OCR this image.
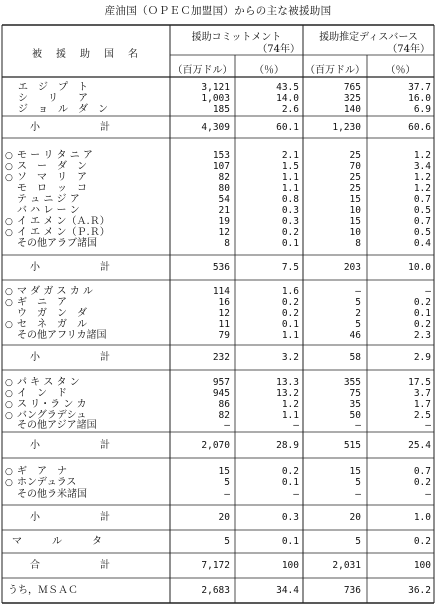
産油国（ＯＰＥＣ加盟国）からの主な被援助国
被　援　助　国　名
援助コミットメント
（74年）
援助推定ディスバース
（74年）
（百万ドル）	（％）	（百万ドル）	（％）
エ　ジ　プ　ト	3,121	43.5	765	37.7
シ　　リ　　ア	1,003	14.0	325	16.0
ジ　ョ　ル　ダ　ン	185	2.6	140	6.9
小　　　　　　計	4,309	60.1	1,230	60.6
○ モ ー リ タ ニ ア	153	2.1	25	1.2
○ ス　ー　ダ　ン	107	1.5	70	3.4
○ ソ　マ　リ　ア	82	1.1	25	1.2
モ　ロ　ッ　コ	80	1.1	25	1.2
テ ュ ニ ジ ア	54	0.8	15	0.7
バ ハ レ ー ン	21	0.3	10	0.5
○ イ エ メ ン（Ａ.Ｒ）	19	0.3	15	0.7
○ イ エ メ ン（Ｐ.Ｒ）	12	0.2	10	0.5
その他アラブ諸国	8	0.1	8	0.4
小　　　　　　計	536	7.5	203	10.0
○ マ ダ ガ ス カ ル	114	1.6	—	—
○ ギ　ニ　ア	16	0.2	5	0.2
ウ　ガ　ン　ダ	12	0.2	2	0.1
○ セ　ネ　ガ　ル	11	0.1	5	0.2
その他アフリカ諸国	79	1.1	46	2.3
小　　　　　　計	232	3.2	58	2.9
○ パ キ ス タ ン	957	13.3	355	17.5
○ イ　ン　ド	945	13.2	75	3.7
○ ス リ・ラ ン カ	86	1.2	35	1.7
○ バングラデシュ	82	1.1	50	2.5
その他アジア諸国	—	—	—	—
小　　　　　　計	2,070	28.9	515	25.4
○ ギ　ア　ナ	15	0.2	15	0.7
○ ホンデュラス	5	0.1	5	0.2
その他ラ米諸国	—	—	—	—
小　　　　　　計	20	0.3	20	1.0
マ　　　ル　　　タ	5	0.1	5	0.2
合　　　　　　計	7,172	100	2,031	100
うち，ＭＳＡＣ	2,683	34.4	736	36.2
